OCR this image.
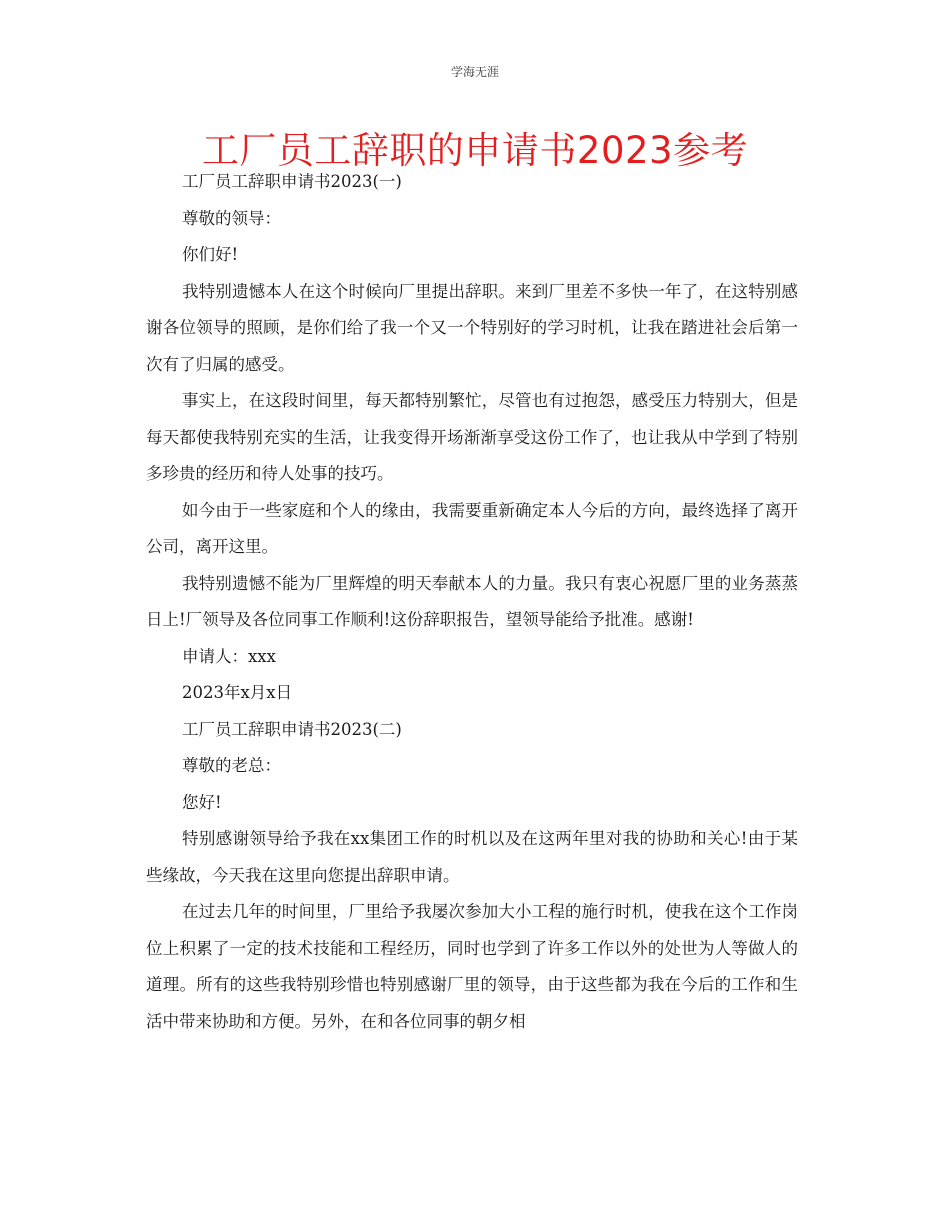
学海无涯
工厂员工辞职的申请书2023参考
工厂员工辞职申请书2023(一)
尊敬的领导：
你们好!
我特别遗憾本人在这个时候向厂里提出辞职。来到厂里差不多快一年了，在这特别感谢各位领导的照顾，是你们给了我一个又一个特别好的学习时机，让我在踏进社会后第一次有了归属的感受。
事实上，在这段时间里，每天都特别繁忙，尽管也有过抱怨，感受压力特别大，但是每天都使我特别充实的生活，让我变得开场渐渐享受这份工作了，也让我从中学到了特别多珍贵的经历和待人处事的技巧。
如今由于一些家庭和个人的缘由，我需要重新确定本人今后的方向，最终选择了离开公司，离开这里。
我特别遗憾不能为厂里辉煌的明天奉献本人的力量。我只有衷心祝愿厂里的业务蒸蒸日上!厂领导及各位同事工作顺利!这份辞职报告，望领导能给予批准。感谢!
申请人：xxx
2023年x月x日
工厂员工辞职申请书2023(二)
尊敬的老总：
您好!
特别感谢领导给予我在xx集团工作的时机以及在这两年里对我的协助和关心!由于某些缘故，今天我在这里向您提出辞职申请。
在过去几年的时间里，厂里给予我屡次参加大小工程的施行时机，使我在这个工作岗位上积累了一定的技术技能和工程经历，同时也学到了许多工作以外的处世为人等做人的道理。所有的这些我特别珍惜也特别感谢厂里的领导，由于这些都为我在今后的工作和生活中带来协助和方便。另外，在和各位同事的朝夕相
